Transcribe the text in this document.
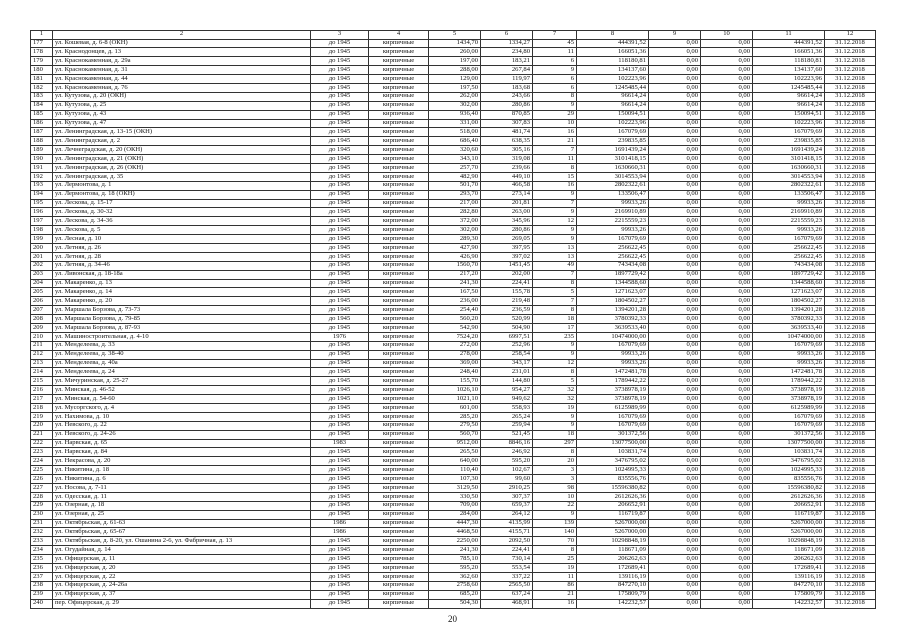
1	2	3	4	5	6	7	8	9	10	11	12
177	ул. Кошевая, д. 6-8 (ОКН)	до 1945	кирпичные	1434,70	1334,27	45	444391,52	0,00	0,00	444391,52	31.12.2018
178	ул. Краснодонцев, д. 13	до 1945	кирпичные	260,00	234,80	11	166051,36	0,00	0,00	166051,36	31.12.2018
179	ул. Краснокаменная, д. 29а	до 1945	кирпичные	197,00	183,21	6	118180,81	0,00	0,00	118180,81	31.12.2018
180	ул. Краснокаменная, д. 31	до 1945	кирпичные	288,00	267,84	9	134137,60	0,00	0,00	134137,60	31.12.2018
181	ул. Краснокаменная, д. 44	до 1945	кирпичные	129,00	119,97	6	102223,96	0,00	0,00	102223,96	31.12.2018
182	ул. Краснокаменная, д. 76	до 1945	кирпичные	197,50	183,68	6	1245485,44	0,00	0,00	1245485,44	31.12.2018
183	ул. Кутузова, д. 20 (ОКН)	до 1945	кирпичные	262,00	243,66	8	96614,24	0,00	0,00	96614,24	31.12.2018
184	ул. Кутузова, д. 25	до 1945	кирпичные	302,00	280,86	9	96614,24	0,00	0,00	96614,24	31.12.2018
185	ул. Кутузова, д. 43	до 1945	кирпичные	936,40	870,85	29	150094,51	0,00	0,00	150094,51	31.12.2018
186	ул. Кутузова, д. 47	до 1945	кирпичные	331,00	307,83	10	102223,96	0,00	0,00	102223,96	31.12.2018
187	ул. Ленинградская, д. 13-15 (ОКН)	до 1945	кирпичные	518,00	481,74	16	167079,69	0,00	0,00	167079,69	31.12.2018
188	ул. Ленинградская, д. 2	до 1945	кирпичные	686,40	638,35	21	239835,85	0,00	0,00	239835,85	31.12.2018
189	ул. Лечнеградская, д. 20 (ОКН)	до 1945	кирпичные	320,60	305,16	7	1691439,24	0,00	0,00	1691439,24	31.12.2018
190	ул. Ленинградская, д. 21 (ОКН)	до 1945	кирпичные	343,10	319,08	11	3101418,15	0,00	0,00	3101418,15	31.12.2018
191	ул. Ленинградская, д. 26 (ОКН)	до 1945	кирпичные	257,70	239,66	8	1630660,31	0,00	0,00	1630660,31	31.12.2018
192	ул. Ленинградская, д. 35	до 1945	кирпичные	482,90	449,10	15	3014553,94	0,00	0,00	3014553,94	31.12.2018
193	ул. Лермонтова, д. 1	до 1945	кирпичные	501,70	466,58	16	2802322,61	0,00	0,00	2802322,61	31.12.2018
194	ул. Лермонтова, д. 18 (ОКН)	до 1945	кирпичные	293,70	273,14	9	133506,47	0,00	0,00	133506,47	31.12.2018
195	ул. Лескова, д. 15-17	до 1945	кирпичные	217,00	201,81	7	99933,26	0,00	0,00	99933,26	31.12.2018
196	ул. Лескова, д. 30-32	до 1945	кирпичные	282,80	263,00	9	2169910,89	0,00	0,00	2169910,89	31.12.2018
197	ул. Лескова, д. 34-36	до 1945	кирпичные	372,00	345,96	12	2215559,23	0,00	0,00	2215559,23	31.12.2018
198	ул. Лескова, д. 5	до 1945	кирпичные	302,00	280,86	9	99933,26	0,00	0,00	99933,26	31.12.2018
199	ул. Лесная, д. 10	до 1945	кирпичные	289,30	269,05	9	167079,69	0,00	0,00	167079,69	31.12.2018
200	ул. Летняя, д. 26	до 1945	кирпичные	427,90	397,95	13	256622,45	0,00	0,00	256622,45	31.12.2018
201	ул. Летняя, д. 28	до 1945	кирпичные	426,90	397,02	13	256622,45	0,00	0,00	256622,45	31.12.2018
202	ул. Летняя, д. 34-46	до 1945	кирпичные	1560,70	1451,45	49	743434,08	0,00	0,00	743434,08	31.12.2018
203	ул. Ливонская, д. 18-18а	до 1945	кирпичные	217,20	202,00	7	1897729,42	0,00	0,00	1897729,42	31.12.2018
204	ул. Макаренко, д. 13	до 1945	кирпичные	241,30	224,41	8	1344588,60	0,00	0,00	1344588,60	31.12.2018
205	ул. Макаренко, д. 14	до 1945	кирпичные	167,50	155,78	5	1271623,07	0,00	0,00	1271623,07	31.12.2018
206	ул. Макаренко, д. 20	до 1945	кирпичные	236,00	219,48	7	1804502,27	0,00	0,00	1804502,27	31.12.2018
207	ул. Маршала Борзова, д. 73-73	до 1945	кирпичные	254,40	236,59	8	1394201,28	0,00	0,00	1394201,28	31.12.2018
208	ул. Маршала Борзова, д. 79-85	до 1945	кирпичные	560,20	520,99	18	3780392,33	0,00	0,00	3780392,33	31.12.2018
209	ул. Маршала Борзова, д. 87-93	до 1945	кирпичные	542,90	504,90	17	3639533,40	0,00	0,00	3639533,40	31.12.2018
210	ул. Машиностроительная, д. 4-10	1976	кирпичные	7524,20	6997,51	235	10474000,00	0,00	0,00	10474000,00	31.12.2018
211	ул. Менделеева, д. 33	до 1945	кирпичные	272,00	252,96	9	167079,69	0,00	0,00	167079,69	31.12.2018
212	ул. Менделеева, д. 38-40	до 1945	кирпичные	278,00	258,54	9	99933,26	0,00	0,00	99933,26	31.12.2018
213	ул. Менделеева, д. 40а	до 1945	кирпичные	369,00	343,17	12	99933,26	0,00	0,00	99933,26	31.12.2018
214	ул. Менделеева, д. 24	до 1945	кирпичные	248,40	231,01	8	1472481,78	0,00	0,00	1472481,78	31.12.2018
215	ул. Мичуринская, д. 25-27	до 1945	кирпичные	155,70	144,80	5	1789442,22	0,00	0,00	1789442,22	31.12.2018
216	ул. Минская, д. 46-52	до 1945	кирпичные	1026,10	954,27	32	3738978,19	0,00	0,00	3738978,19	31.12.2018
217	ул. Минская, д. 54-60	до 1945	кирпичные	1021,10	949,62	32	3738978,19	0,00	0,00	3738978,19	31.12.2018
218	ул. Мусоргского, д. 4	до 1945	кирпичные	601,00	558,93	19	6125989,99	0,00	0,00	6125989,99	31.12.2018
219	ул. Нахимова, д. 10	до 1945	кирпичные	285,20	265,24	9	167079,69	0,00	0,00	167079,69	31.12.2018
220	ул. Невского, д. 22	до 1945	кирпичные	279,50	259,94	9	167079,69	0,00	0,00	167079,69	31.12.2018
221	ул. Невского, д. 24-26	до 1945	кирпичные	560,70	521,45	18	301372,56	0,00	0,00	301372,56	31.12.2018
222	ул. Нарвская, д. 65	1983	кирпичные	9512,00	8846,16	297	13077500,00	0,00	0,00	13077500,00	31.12.2018
223	ул. Нарвская, д. 84	до 1945	кирпичные	265,50	246,92	8	103831,74	0,00	0,00	103831,74	31.12.2018
224	ул. Некрасова, д. 20	до 1945	кирпичные	640,00	595,20	20	3476795,02	0,00	0,00	3476795,02	31.12.2018
225	ул. Никитина, д. 18	до 1945	кирпичные	110,40	102,67	3	1024995,33	0,00	0,00	1024995,33	31.12.2018
226	ул. Никитина, д. 6	до 1945	кирпичные	107,30	99,60	3	835556,76	0,00	0,00	835556,76	31.12.2018
227	ул. Носова, д. 7-11	до 1945	кирпичные	3129,50	2910,25	98	15596380,82	0,00	0,00	15596380,82	31.12.2018
228	ул. Одесская, д. 11	до 1945	кирпичные	330,50	307,37	10	2612626,36	0,00	0,00	2612626,36	31.12.2018
229	ул. Озерная, д. 18	до 1945	кирпичные	709,00	659,37	22	206652,91	0,00	0,00	206652,91	31.12.2018
230	ул. Озерная, д. 25	до 1945	кирпичные	284,00	264,12	9	116719,87	0,00	0,00	116719,87	31.12.2018
231	ул. Октябрьская, д. 61-63	1986	кирпичные	4447,30	4135,99	139	5267000,00	0,00	0,00	5267000,00	31.12.2018
232	ул. Октябрьская, д. 65-67	1986	кирпичные	4468,50	4155,71	140	5267000,00	0,00	0,00	5267000,00	31.12.2018
233	ул. Октябрьская, д. 8-20, ул. Ошанина 2-6, ул. Фабричная, д. 13	до 1945	кирпичные	2250,00	2092,50	70	10298848,19	0,00	0,00	10298848,19	31.12.2018
234	ул. Огудайная, д. 14	до 1945	кирпичные	241,30	224,41	8	118671,09	0,00	0,00	118671,09	31.12.2018
235	ул. Офицерская, д. 11	до 1945	кирпичные	785,10	730,14	25	206262,63	0,00	0,00	206262,63	31.12.2018
236	ул. Офицерская, д. 20	до 1945	кирпичные	595,20	553,54	19	172689,41	0,00	0,00	172689,41	31.12.2018
237	ул. Офицерская, д. 22	до 1945	кирпичные	362,60	337,22	11	139116,19	0,00	0,00	139116,19	31.12.2018
238	ул. Офицерская, д. 24-26а	до 1945	кирпичные	2758,60	2565,50	86	847270,10	0,00	0,00	847270,10	31.12.2018
239	ул. Офицерская, д. 37	до 1945	кирпичные	685,20	637,24	21	175809,79	0,00	0,00	175809,79	31.12.2018
240	пер. Офицерская, д. 29	до 1945	кирпичные	504,30	468,91	16	142232,57	0,00	0,00	142232,57	31.12.2018
20
